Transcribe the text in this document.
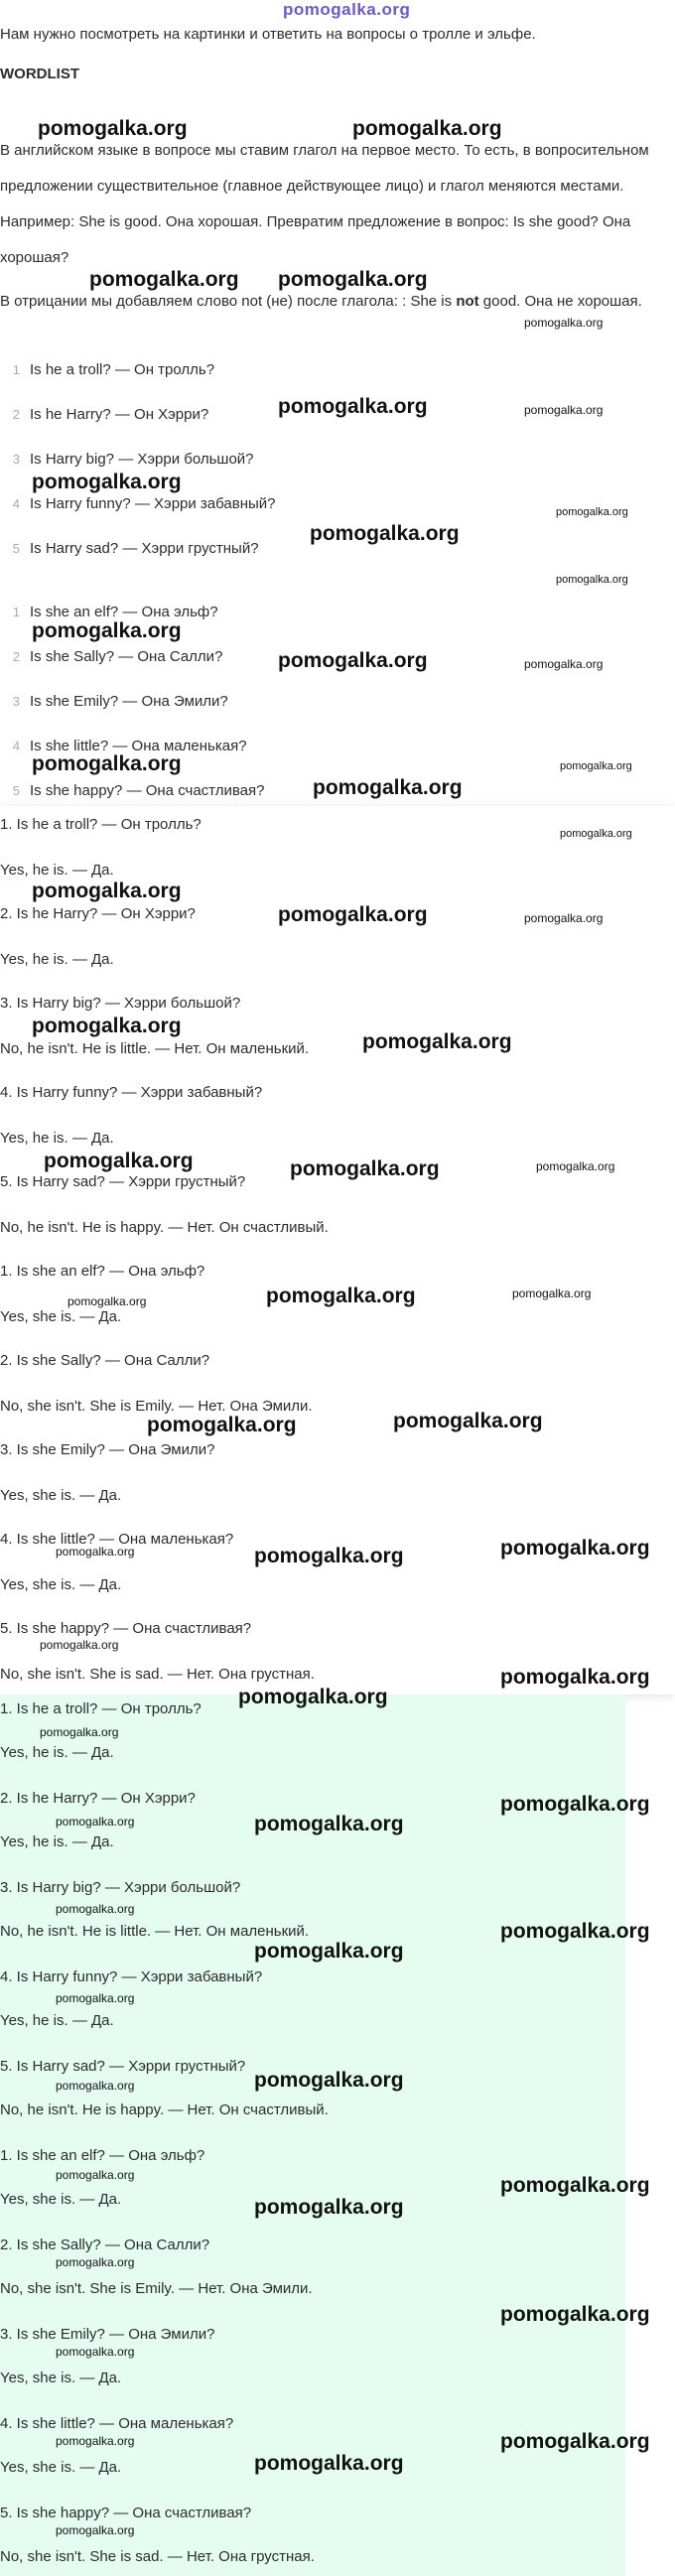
pomogalka.org
Нам нужно посмотреть на картинки и ответить на вопросы о тролле и эльфе.
WORDLIST
В английском языке в вопросе мы ставим глагол на первое место. То есть, в вопросительном предложении существительное (главное действующее лицо) и глагол меняются местами. Например: She is good. Она хорошая. Превратим предложение в вопрос: Is she good? Она хорошая?
В отрицании мы добавляем слово not (не) после глагола: : She is not good. Она не хорошая.
1 Is he a troll? — Он тролль?
2 Is he Harry? — Он Хэрри?
3 Is Harry big? — Хэрри большой?
4 Is Harry funny? — Хэрри забавный?
5 Is Harry sad? — Хэрри грустный?
1 Is she an elf? — Она эльф?
2 Is she Sally? — Она Салли?
3 Is she Emily? — Она Эмили?
4 Is she little? — Она маленькая?
5 Is she happy? — Она счастливая?
1. Is he a troll? — Он тролль?
Yes, he is. — Да.
2. Is he Harry? — Он Хэрри?
Yes, he is. — Да.
3. Is Harry big? — Хэрри большой?
No, he isn't. He is little. — Нет. Он маленький.
4. Is Harry funny? — Хэрри забавный?
Yes, he is. — Да.
5. Is Harry sad? — Хэрри грустный?
No, he isn't. He is happy. — Нет. Он счастливый.
1. Is she an elf? — Она эльф?
Yes, she is. — Да.
2. Is she Sally? — Она Салли?
No, she isn't. She is Emily. — Нет. Она Эмили.
3. Is she Emily? — Она Эмили?
Yes, she is. — Да.
4. Is she little? — Она маленькая?
Yes, she is. — Да.
5. Is she happy? — Она счастливая?
No, she isn't. She is sad. — Нет. Она грустная.
1. Is he a troll? — Он тролль?
Yes, he is. — Да.
2. Is he Harry? — Он Хэрри?
Yes, he is. — Да.
3. Is Harry big? — Хэрри большой?
No, he isn't. He is little. — Нет. Он маленький.
4. Is Harry funny? — Хэрри забавный?
Yes, he is. — Да.
5. Is Harry sad? — Хэрри грустный?
No, he isn't. He is happy. — Нет. Он счастливый.
1. Is she an elf? — Она эльф?
Yes, she is. — Да.
2. Is she Sally? — Она Салли?
No, she isn't. She is Emily. — Нет. Она Эмили.
3. Is she Emily? — Она Эмили?
Yes, she is. — Да.
4. Is she little? — Она маленькая?
Yes, she is. — Да.
5. Is she happy? — Она счастливая?
No, she isn't. She is sad. — Нет. Она грустная.
pomogalka.org	pomogalka.org
pomogalka.org pomogalka.org
pomogalka.org
pomogalka.org	pomogalka.org
pomogalka.org
pomogalka.org
pomogalka.org
pomogalka.org
pomogalka.org
pomogalka.org	pomogalka.org
pomogalka.org	pomogalka.org
pomogalka.org
pomogalka.org
pomogalka.org
pomogalka.org	pomogalka.org
pomogalka.org
pomogalka.org
pomogalka.org	pomogalka.org	pomogalka.org
pomogalka.org	pomogalka.org	pomogalka.org
pomogalka.org	pomogalka.org
pomogalka.org	pomogalka.org	pomogalka.org
pomogalka.org
pomogalka.org
pomogalka.org
pomogalka.org
pomogalka.org	pomogalka.org
pomogalka.org
pomogalka.org
pomogalka.org
pomogalka.org
pomogalka.org
pomogalka.org
pomogalka.org
pomogalka.org	pomogalka.org
pomogalka.org
pomogalka.org
pomogalka.org
pomogalka.org
pomogalka.org	pomogalka.org
pomogalka.org
pomogalka.org
